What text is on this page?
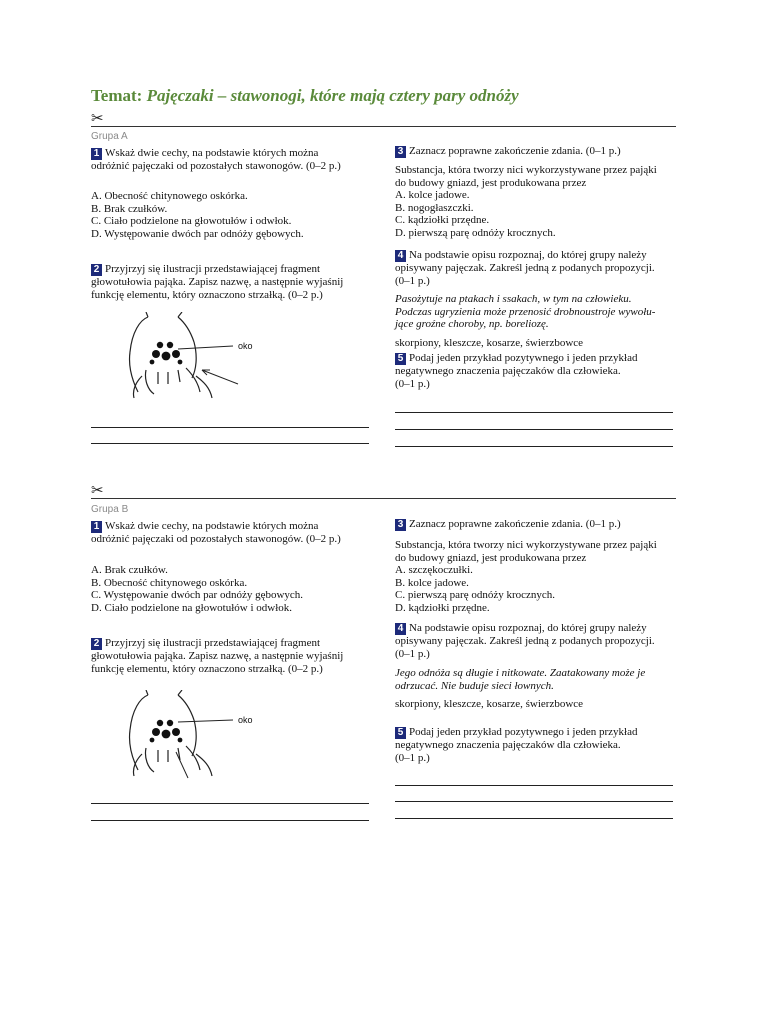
Temat: Pajęczaki – stawonogi, które mają cztery pary odnóży
✂
Grupa A

1 Wskaż dwie cechy, na podstawie których można

odróżnić pajęczaki od pozostałych stawonogów. (0–2 p.)

A. Obecność chitynowego oskórka.

B. Brak czułków.

C. Ciało podzielone na głowotułów i odwłok.

D. Występowanie dwóch par odnóży gębowych.

2 Przyjrzyj się ilustracji przedstawiającej fragment

głowotułowia pająka. Zapisz nazwę, a następnie wyjaśnij

funkcję elementu, który oznaczono strzałką. (0–2 p.)

oko

3 Zaznacz poprawne zakończenie zdania. (0–1 p.)

Substancja, która tworzy nici wykorzystywane przez pająki

do budowy gniazd, jest produkowana przez

A. kolce jadowe.

B. nogogłaszczki.

C. kądziołki przędne.

D. pierwszą parę odnóży krocznych.

4 Na podstawie opisu rozpoznaj, do której grupy należy

opisywany pajęczak. Zakreśl jedną z podanych propozycji.

(0–1 p.)

Pasożytuje na ptakach i ssakach, w tym na człowieku.

Podczas ugryzienia może przenosić drobnoustroje wywołu-

jące groźne choroby, np. boreliozę.

skorpiony, kleszcze, kosarze, świerzbowce

5 Podaj jeden przykład pozytywnego i jeden przykład

negatywnego znaczenia pajęczaków dla człowieka.

(0–1 p.)

✂
Grupa B

1 Wskaż dwie cechy, na podstawie których można

odróżnić pajęczaki od pozostałych stawonogów. (0–2 p.)

A. Brak czułków.

B. Obecność chitynowego oskórka.

C. Występowanie dwóch par odnóży gębowych.

D. Ciało podzielone na głowotułów i odwłok.

2 Przyjrzyj się ilustracji przedstawiającej fragment

głowotułowia pająka. Zapisz nazwę, a następnie wyjaśnij

funkcję elementu, który oznaczono strzałką. (0–2 p.)

oko

3 Zaznacz poprawne zakończenie zdania. (0–1 p.)

Substancja, która tworzy nici wykorzystywane przez pająki

do budowy gniazd, jest produkowana przez

A. szczękoczułki.

B. kolce jadowe.

C. pierwszą parę odnóży krocznych.

D. kądziołki przędne.

4 Na podstawie opisu rozpoznaj, do której grupy należy

opisywany pajęczak. Zakreśl jedną z podanych propozycji.

(0–1 p.)

Jego odnóża są długie i nitkowate. Zaatakowany może je

odrzucać. Nie buduje sieci łownych.

skorpiony, kleszcze, kosarze, świerzbowce

5 Podaj jeden przykład pozytywnego i jeden przykład

negatywnego znaczenia pajęczaków dla człowieka.

(0–1 p.)
